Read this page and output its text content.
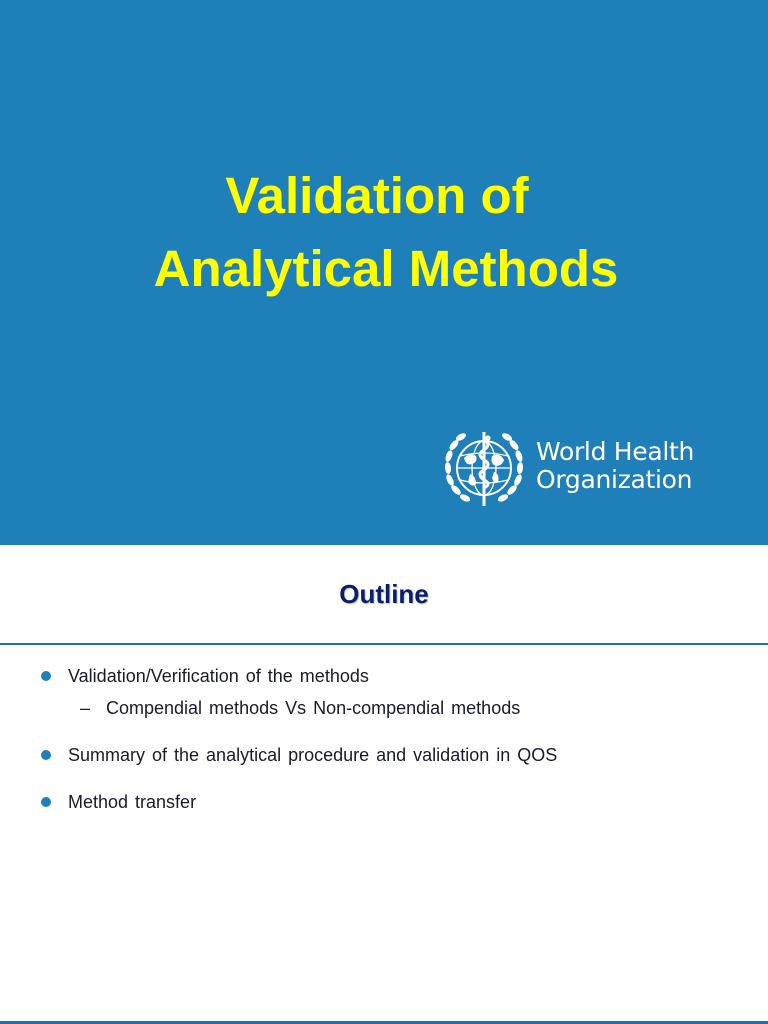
Validation of
Analytical Methods
World Health
Organization
Outline
Validation/Verification of the methods
– Compendial methods Vs Non-compendial methods
Summary of the analytical procedure and validation in QOS
Method transfer
